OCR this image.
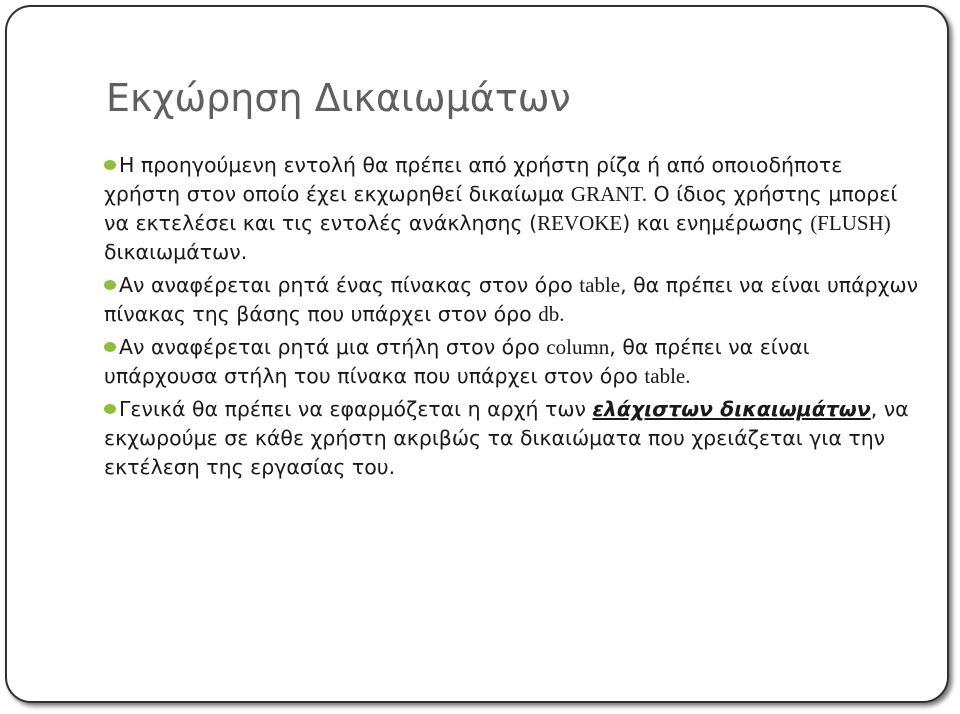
Εκχώρηση Δικαιωμάτων
Η προηγούμενη εντολή θα πρέπει από χρήστη ρίζα ή από οποιοδήποτε χρήστη στον οποίο έχει εκχωρηθεί δικαίωμα GRANT. Ο ίδιος χρήστης μπορεί να εκτελέσει και τις εντολές ανάκλησης (REVOKE) και ενημέρωσης (FLUSH) δικαιωμάτων.
Αν αναφέρεται ρητά ένας πίνακας στον όρο table, θα πρέπει να είναι υπάρχων πίνακας της βάσης που υπάρχει στον όρο db.
Αν αναφέρεται ρητά μια στήλη στον όρο column, θα πρέπει να είναι υπάρχουσα στήλη του πίνακα που υπάρχει στον όρο table.
Γενικά θα πρέπει να εφαρμόζεται η αρχή των ελάχιστων δικαιωμάτων, να εκχωρούμε σε κάθε χρήστη ακριβώς τα δικαιώματα που χρειάζεται για την εκτέλεση της εργασίας του.
